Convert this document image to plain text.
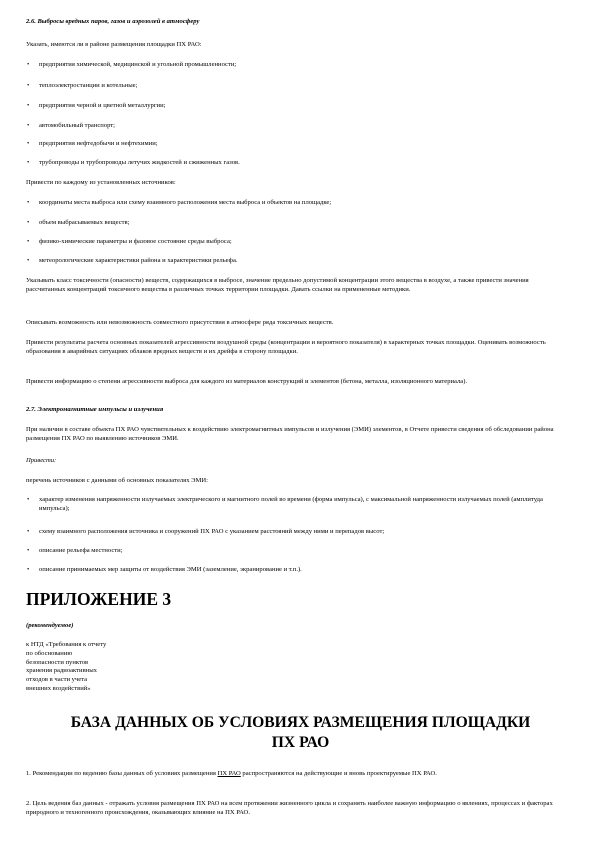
2.6. Выбросы вредных паров, газов и аэрозолей в атмосферу
Указать, имеются ли в районе размещения площадки ПХ РАО:
• предприятия химической, медицинской и угольной промышленности;
• теплоэлектростанции и котельные;
• предприятия черной и цветной металлургии;
• автомобильный транспорт;
• предприятия нефтедобычи и нефтехимии;
• трубопроводы и трубопроводы летучих жидкостей и сжиженных газов.
Привести по каждому из установленных источников:
• координаты места выброса или схему взаимного расположения места выброса и объектов на площадке;
• объем выбрасываемых веществ;
• физико-химические параметры и фазовое состояние среды выброса;
• метеорологические характеристики района и характеристики рельефа.
Указывать класс токсичности (опасности) веществ, содержащихся в выбросе, значение предельно допустимой концентрации этого вещества в воздухе, а также привести значения рассчитанных концентраций токсичного вещества в различных точках территории площадки. Давать ссылки на примененные методики.
Описывать возможность или невозможность совместного присутствия в атмосфере ряда токсичных веществ.
Привести результаты расчета основных показателей агрессивности воздушной среды (концентрации и вероятного показателя) в характерных точках площадки. Оценивать возможность образования в аварийных ситуациях облаков вредных веществ и их дрейфа в сторону площадки.
Привести информацию о степени агрессивности выброса для каждого из материалов конструкций и элементов (бетона, металла, изоляционного материала).
2.7. Электромагнитные импульсы и излучения
При наличии в составе объекта ПХ РАО чувствительных к воздействию электромагнитных импульсов и излучения (ЭМИ) элементов, в Отчете привести сведения об обследовании района размещения ПХ РАО по выявлению источников ЭМИ.
Привести:
перечень источников с данными об основных показателях ЭМИ:
• характер изменения напряженности излучаемых электрического и магнитного полей во времени (форма импульса), с максимальной напряженности излучаемых полей (амплитуда импульса);
• схему взаимного расположения источника и сооружений ПХ РАО с указанием расстояний между ними и перепадов высот;
• описание рельефа местности;
• описание принимаемых мер защиты от воздействия ЭМИ (заземление, экранирование и т.п.).
ПРИЛОЖЕНИЕ 3
(рекомендуемое)
к НТД «Требования к отчету
по обоснованию
безопасности пунктов
хранения радиоактивных
отходов в части учета
внешних воздействий»
БАЗА ДАННЫХ ОБ УСЛОВИЯХ РАЗМЕЩЕНИЯ ПЛОЩАДКИ
ПХ РАО
1. Рекомендации по ведению базы данных об условиях размещения ПХ РАО распространяются на действующие и вновь проектируемые ПХ РАО.
2. Цель ведения баз данных - отражать условия размещения ПХ РАО на всем протяжении жизненного цикла и сохранять наиболее важную информацию о явлениях, процессах и факторах природного и техногенного происхождения, оказывающих влияние на ПХ РАО.
